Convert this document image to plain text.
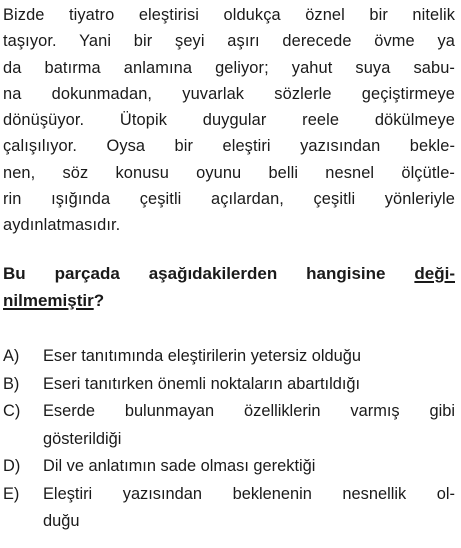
Bizde tiyatro eleştirisi oldukça öznel bir nitelik
taşıyor. Yani bir şeyi aşırı derecede övme ya
da batırma anlamına geliyor; yahut suya sabu-
na dokunmadan, yuvarlak sözlerle geçiştirmeye
dönüşüyor. Ütopik duygular reele dökülmeye
çalışılıyor. Oysa bir eleştiri yazısından bekle-
nen, söz konusu oyunu belli nesnel ölçütle-
rin ışığında çeşitli açılardan, çeşitli yönleriyle
aydınlatmasıdır.
Bu parçada aşağıdakilerden hangisine deği-
nilmemiştir?
A)	Eser tanıtımında eleştirilerin yetersiz olduğu
B)	Eseri tanıtırken önemli noktaların abartıldığı
C)	Eserde bulunmayan özelliklerin varmış gibi
gösterildiği
D)	Dil ve anlatımın sade olması gerektiği
E)	Eleştiri yazısından beklenenin nesnellik ol-
duğu
